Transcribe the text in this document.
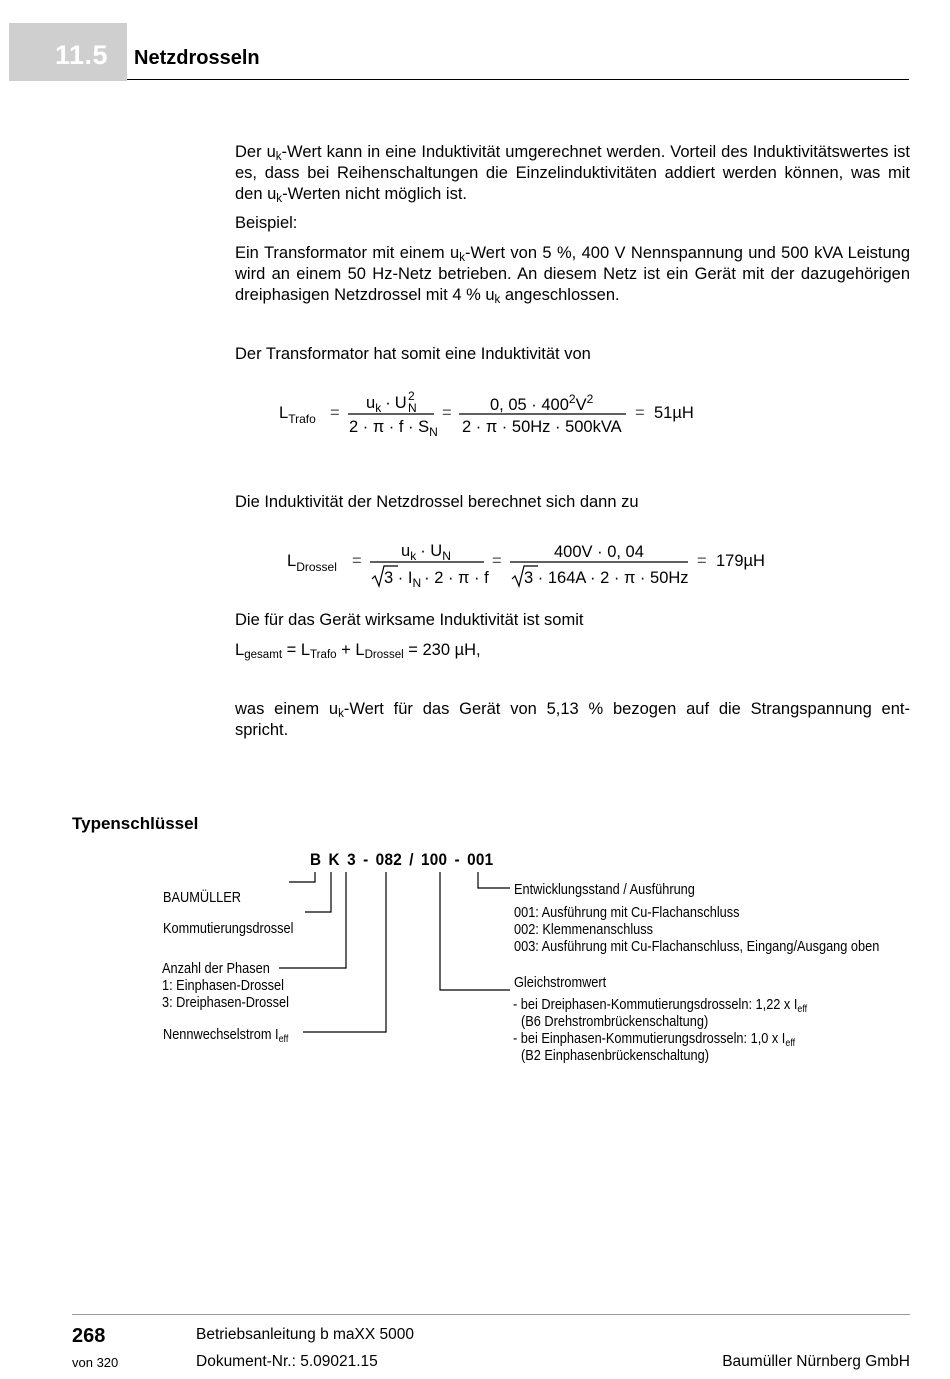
11.5 Netzdrosseln
Der $u_k$-Wert kann in eine Induktivität umgerechnet werden. Vorteil des Induktivitätswertes ist es, dass bei Reihenschaltungen die Einzelinduktivitäten addiert werden können, was mit den $u_k$-Werten nicht möglich ist.
Beispiel:
Ein Transformator mit einem $u_k$-Wert von 5 %, 400 V Nennspannung und 500 kVA Leistung wird an einem 50 Hz-Netz betrieben. An diesem Netz ist ein Gerät mit der dazugehörigen dreiphasigen Netzdrossel mit 4 % $u_k$ angeschlossen.
Der Transformator hat somit eine Induktivität von
$L_{Trafo}$ =
$u_k \cdot U$ 2
N
$2 \cdot \pi \cdot f \cdot S_N$
= 0, $05 \cdot 400^2V^2$
2 · π · 50Hz · 500kVA
= 51µH
$L_{Drossel}$ =
$u_k \cdot U_N$
$3 \cdot I_N \cdot 2 \cdot \pi \cdot f$
=	400V · 0, 04
3 · 164A · 2 · π · 50Hz
= 179µH
Die Induktivität der Netzdrossel berechnet sich dann zu
Die für das Gerät wirksame Induktivität ist somit
$L_{gesamt} = L_{Trafo} + L_{Drossel} = 230$ µH,
was einem $u_k$-Wert für das Gerät von 5,13 % bezogen auf die Strangspannung ent-
spricht.
Typenschlüssel
B K 3 - 082 / 100 - 001
BAUMÜLLER
Kommutierungsdrossel
Anzahl der Phasen
1: Einphasen-Drossel
3: Dreiphasen-Drossel
Nennwechselstrom $I_{eff}$
Entwicklungsstand / Ausführung
001: Ausführung mit Cu-Flachanschluss
002: Klemmenanschluss
003: Ausführung mit Cu-Flachanschluss, Eingang/Ausgang oben
Gleichstromwert
- bei Dreiphasen-Kommutierungsdrosseln: 1,22 x $I_{eff}$
(B6 Drehstrombrückenschaltung)
- bei Einphasen-Kommutierungsdrosseln: 1,0 x $I_{eff}$
(B2 Einphasenbrückenschaltung)
268
von 320
Betriebsanleitung b maXX 5000
Dokument-Nr.: 5.09021.15	Baumüller Nürnberg GmbH
